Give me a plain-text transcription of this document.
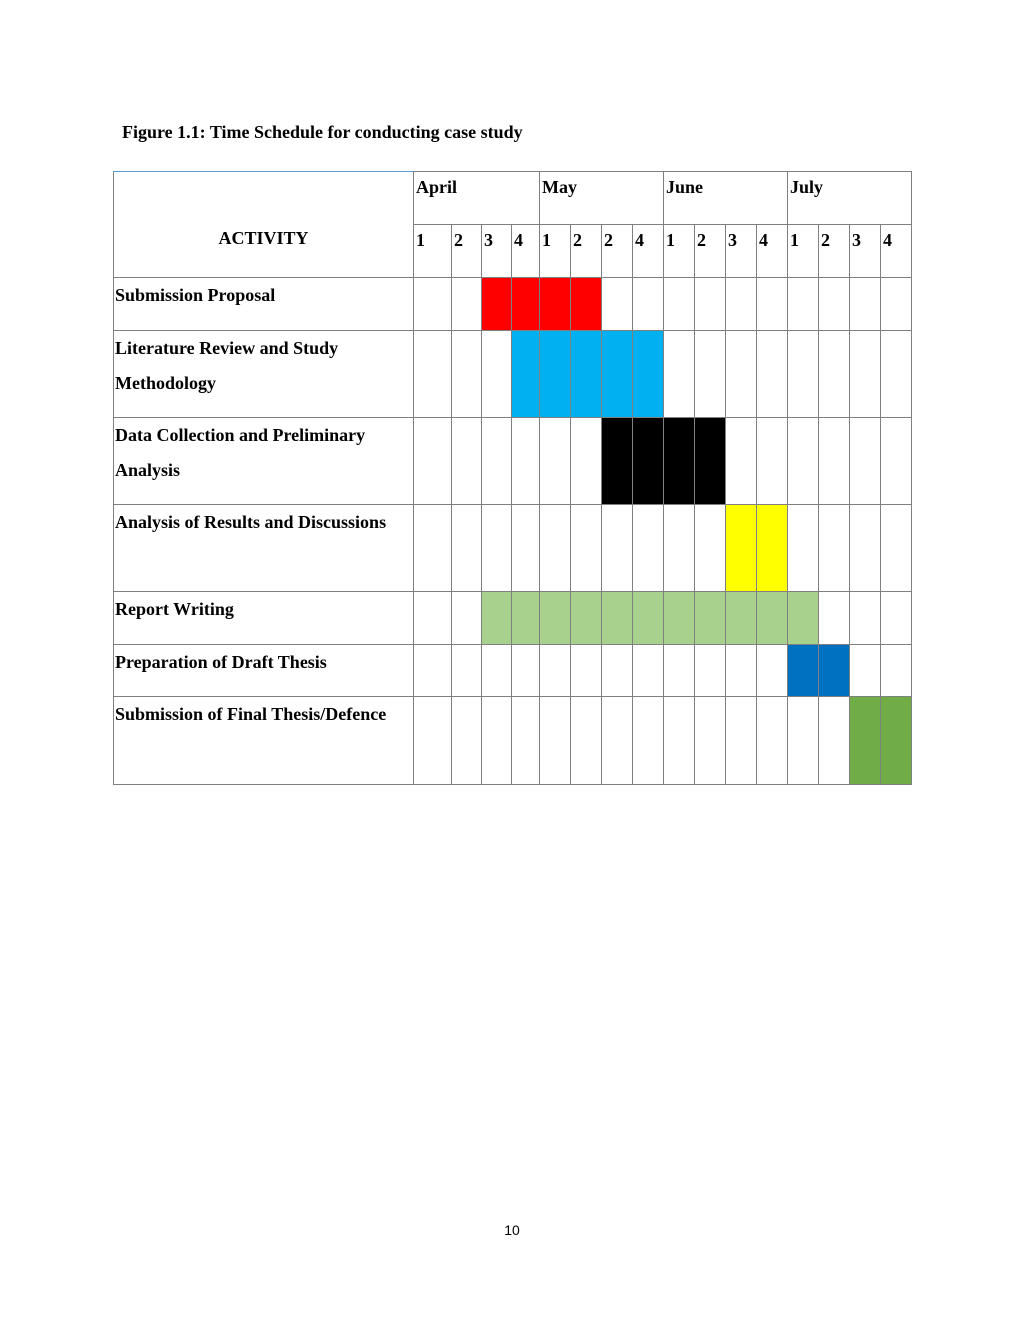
Figure 1.1: Time Schedule for conducting case study
ACTIVITY	April				May				June				July			
	1	2	3	4	1	2	2	4	1	2	3	4	1	2	3	4
Submission Proposal																
Literature Review and Study Methodology																
Data Collection and Preliminary Analysis																
Analysis of Results and Discussions																
Report Writing																
Preparation of Draft Thesis																
Submission of Final Thesis/Defence																
10
